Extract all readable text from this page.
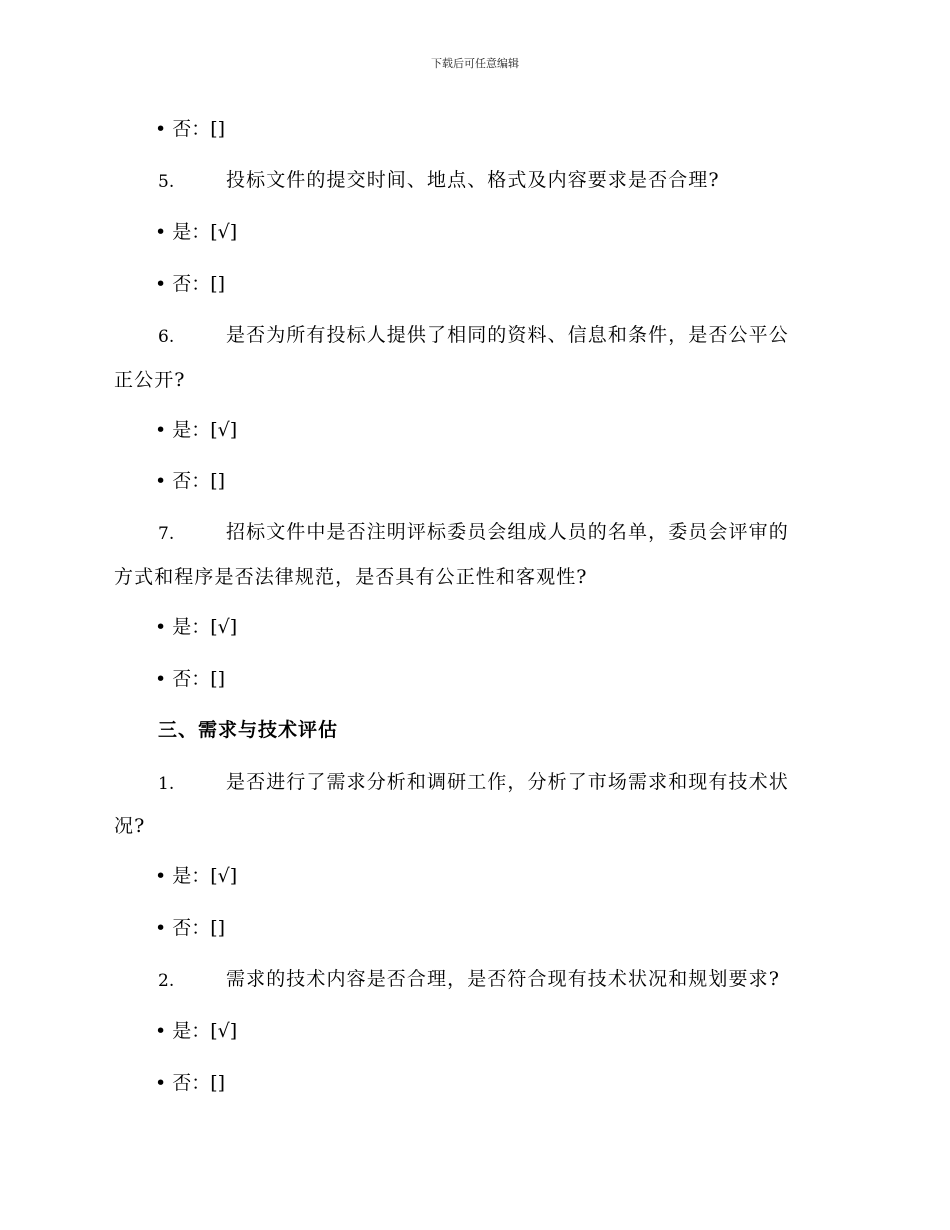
下载后可任意编辑
• 否：[]
5.	投标文件的提交时间、地点、格式及内容要求是否合理?
• 是：[√]
• 否：[]
6.	是否为所有投标人提供了相同的资料、信息和条件，是否公平公
正公开?
• 是：[√]
• 否：[]
7.	招标文件中是否注明评标委员会组成人员的名单，委员会评审的
方式和程序是否法律规范，是否具有公正性和客观性?
• 是：[√]
• 否：[]
三、需求与技术评估
1.	是否进行了需求分析和调研工作，分析了市场需求和现有技术状
况?
• 是：[√]
• 否：[]
2.	需求的技术内容是否合理，是否符合现有技术状况和规划要求?
• 是：[√]
• 否：[]
